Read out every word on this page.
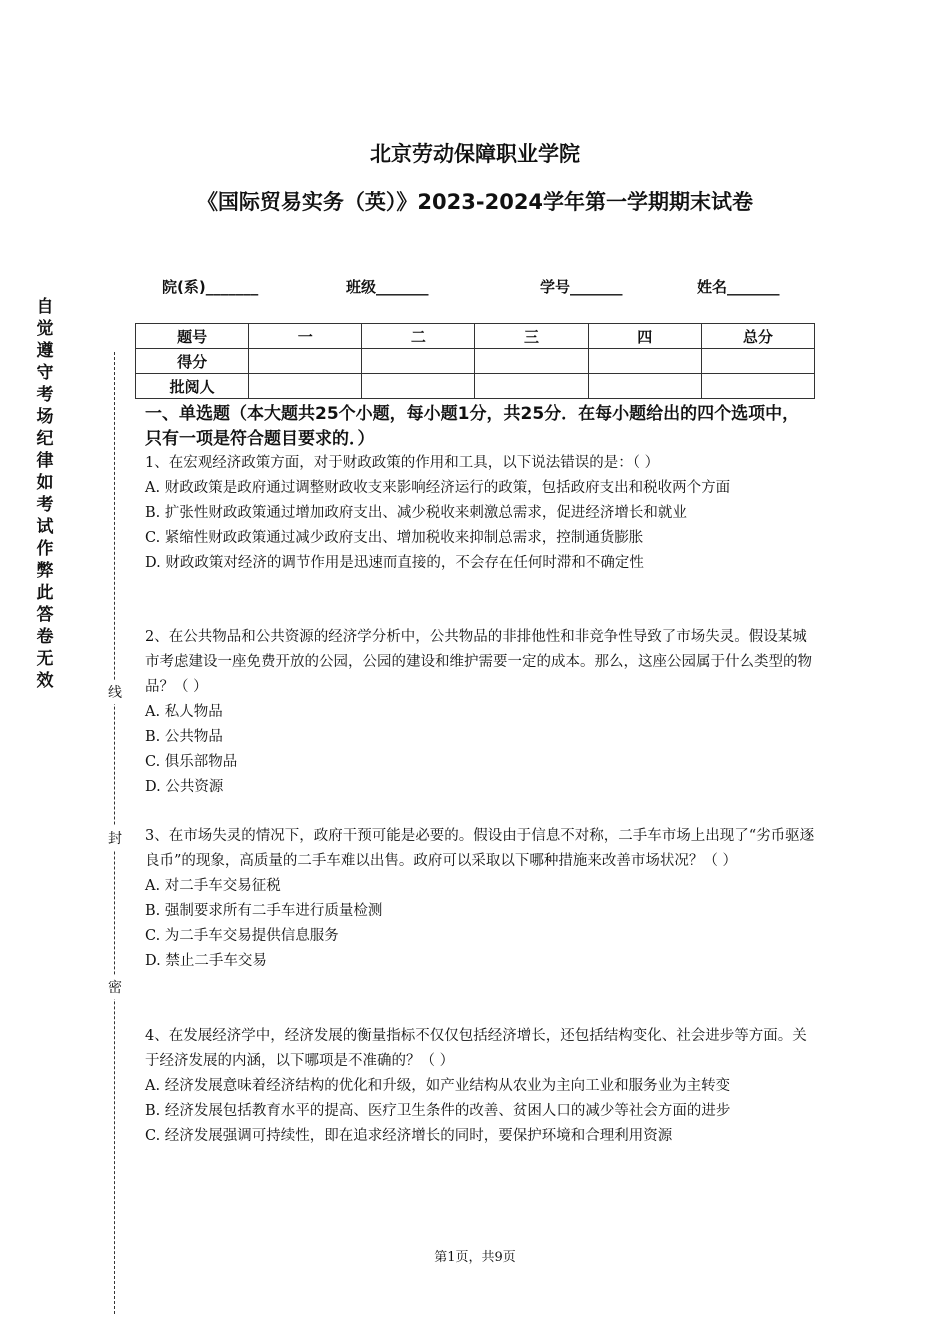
北京劳动保障职业学院
《国际贸易实务（英）》2023-2024学年第一学期期末试卷
院(系)_______	班级_______	学号_______	姓名_______
题号	一	二	三	四	总分
得分					
批阅人					
自
觉
遵
守
考
场
纪
律
如
考
试
作
弊
此
答
卷
无
效
线
封
密
一、单选题（本大题共25个小题，每小题1分，共25分．在每小题给出的四个选项中，只有一项是符合题目要求的．）

1、在宏观经济政策方面，对于财政政策的作用和工具，以下说法错误的是：（ ）

A. 财政政策是政府通过调整财政收支来影响经济运行的政策，包括政府支出和税收两个方面

B. 扩张性财政政策通过增加政府支出、减少税收来刺激总需求，促进经济增长和就业

C. 紧缩性财政政策通过减少政府支出、增加税收来抑制总需求，控制通货膨胀

D. 财政政策对经济的调节作用是迅速而直接的，不会存在任何时滞和不确定性

2、在公共物品和公共资源的经济学分析中，公共物品的非排他性和非竞争性导致了市场失灵。假设某城市考虑建设一座免费开放的公园，公园的建设和维护需要一定的成本。那么，这座公园属于什么类型的物品？（ ）

A. 私人物品

B. 公共物品

C. 俱乐部物品

D. 公共资源

3、在市场失灵的情况下，政府干预可能是必要的。假设由于信息不对称，二手车市场上出现了“劣币驱逐良币”的现象，高质量的二手车难以出售。政府可以采取以下哪种措施来改善市场状况？（ ）

A. 对二手车交易征税

B. 强制要求所有二手车进行质量检测

C. 为二手车交易提供信息服务

D. 禁止二手车交易

4、在发展经济学中，经济发展的衡量指标不仅仅包括经济增长，还包括结构变化、社会进步等方面。关于经济发展的内涵，以下哪项是不准确的？（ ）

A. 经济发展意味着经济结构的优化和升级，如产业结构从农业为主向工业和服务业为主转变

B. 经济发展包括教育水平的提高、医疗卫生条件的改善、贫困人口的减少等社会方面的进步

C. 经济发展强调可持续性，即在追求经济增长的同时，要保护环境和合理利用资源

第1页，共9页
